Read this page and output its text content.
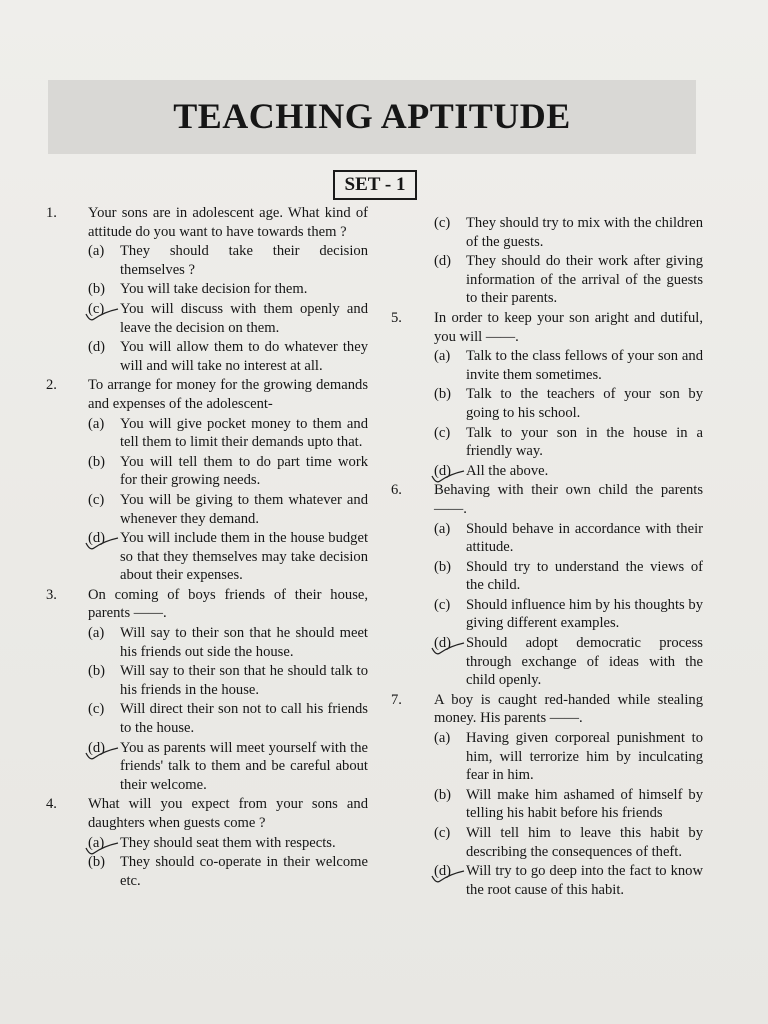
TEACHING APTITUDE
SET - 1
1. Your sons are in adolescent age. What kind of attitude do you want to have towards them ?
(a) They should take their decision themselves ?
(b) You will take decision for them.
(c) You will discuss with them openly and leave the decision on them.
(d) You will allow them to do whatever they will and will take no interest at all.
2. To arrange for money for the growing demands and expenses of the adolescent-
(a) You will give pocket money to them and tell them to limit their demands upto that.
(b) You will tell them to do part time work for their growing needs.
(c) You will be giving to them whatever and whenever they demand.
(d) You will include them in the house budget so that they themselves may take decision about their expenses.
3. On coming of boys friends of their house, parents ——.
(a) Will say to their son that he should meet his friends out side the house.
(b) Will say to their son that he should talk to his friends in the house.
(c) Will direct their son not to call his friends to the house.
(d) You as parents will meet yourself with the friends' talk to them and be careful about their welcome.
4. What will you expect from your sons and daughters when guests come ?
(a) They should seat them with respects.
(b) They should co-operate in their welcome etc.
(c) They should try to mix with the children of the guests.
(d) They should do their work after giving information of the arrival of the guests to their parents.
5. In order to keep your son aright and dutiful, you will ——.
(a) Talk to the class fellows of your son and invite them sometimes.
(b) Talk to the teachers of your son by going to his school.
(c) Talk to your son in the house in a friendly way.
(d) All the above.
6. Behaving with their own child the parents ——.
(a) Should behave in accordance with their attitude.
(b) Should try to understand the views of the child.
(c) Should influence him by his thoughts by giving different examples.
(d) Should adopt democratic process through exchange of ideas with the child openly.
7. A boy is caught red-handed while stealing money. His parents ——.
(a) Having given corporeal punishment to him, will terrorize him by inculcating fear in him.
(b) Will make him ashamed of himself by telling his habit before his friends
(c) Will tell him to leave this habit by describing the consequences of theft.
(d) Will try to go deep into the fact to know the root cause of this habit.
